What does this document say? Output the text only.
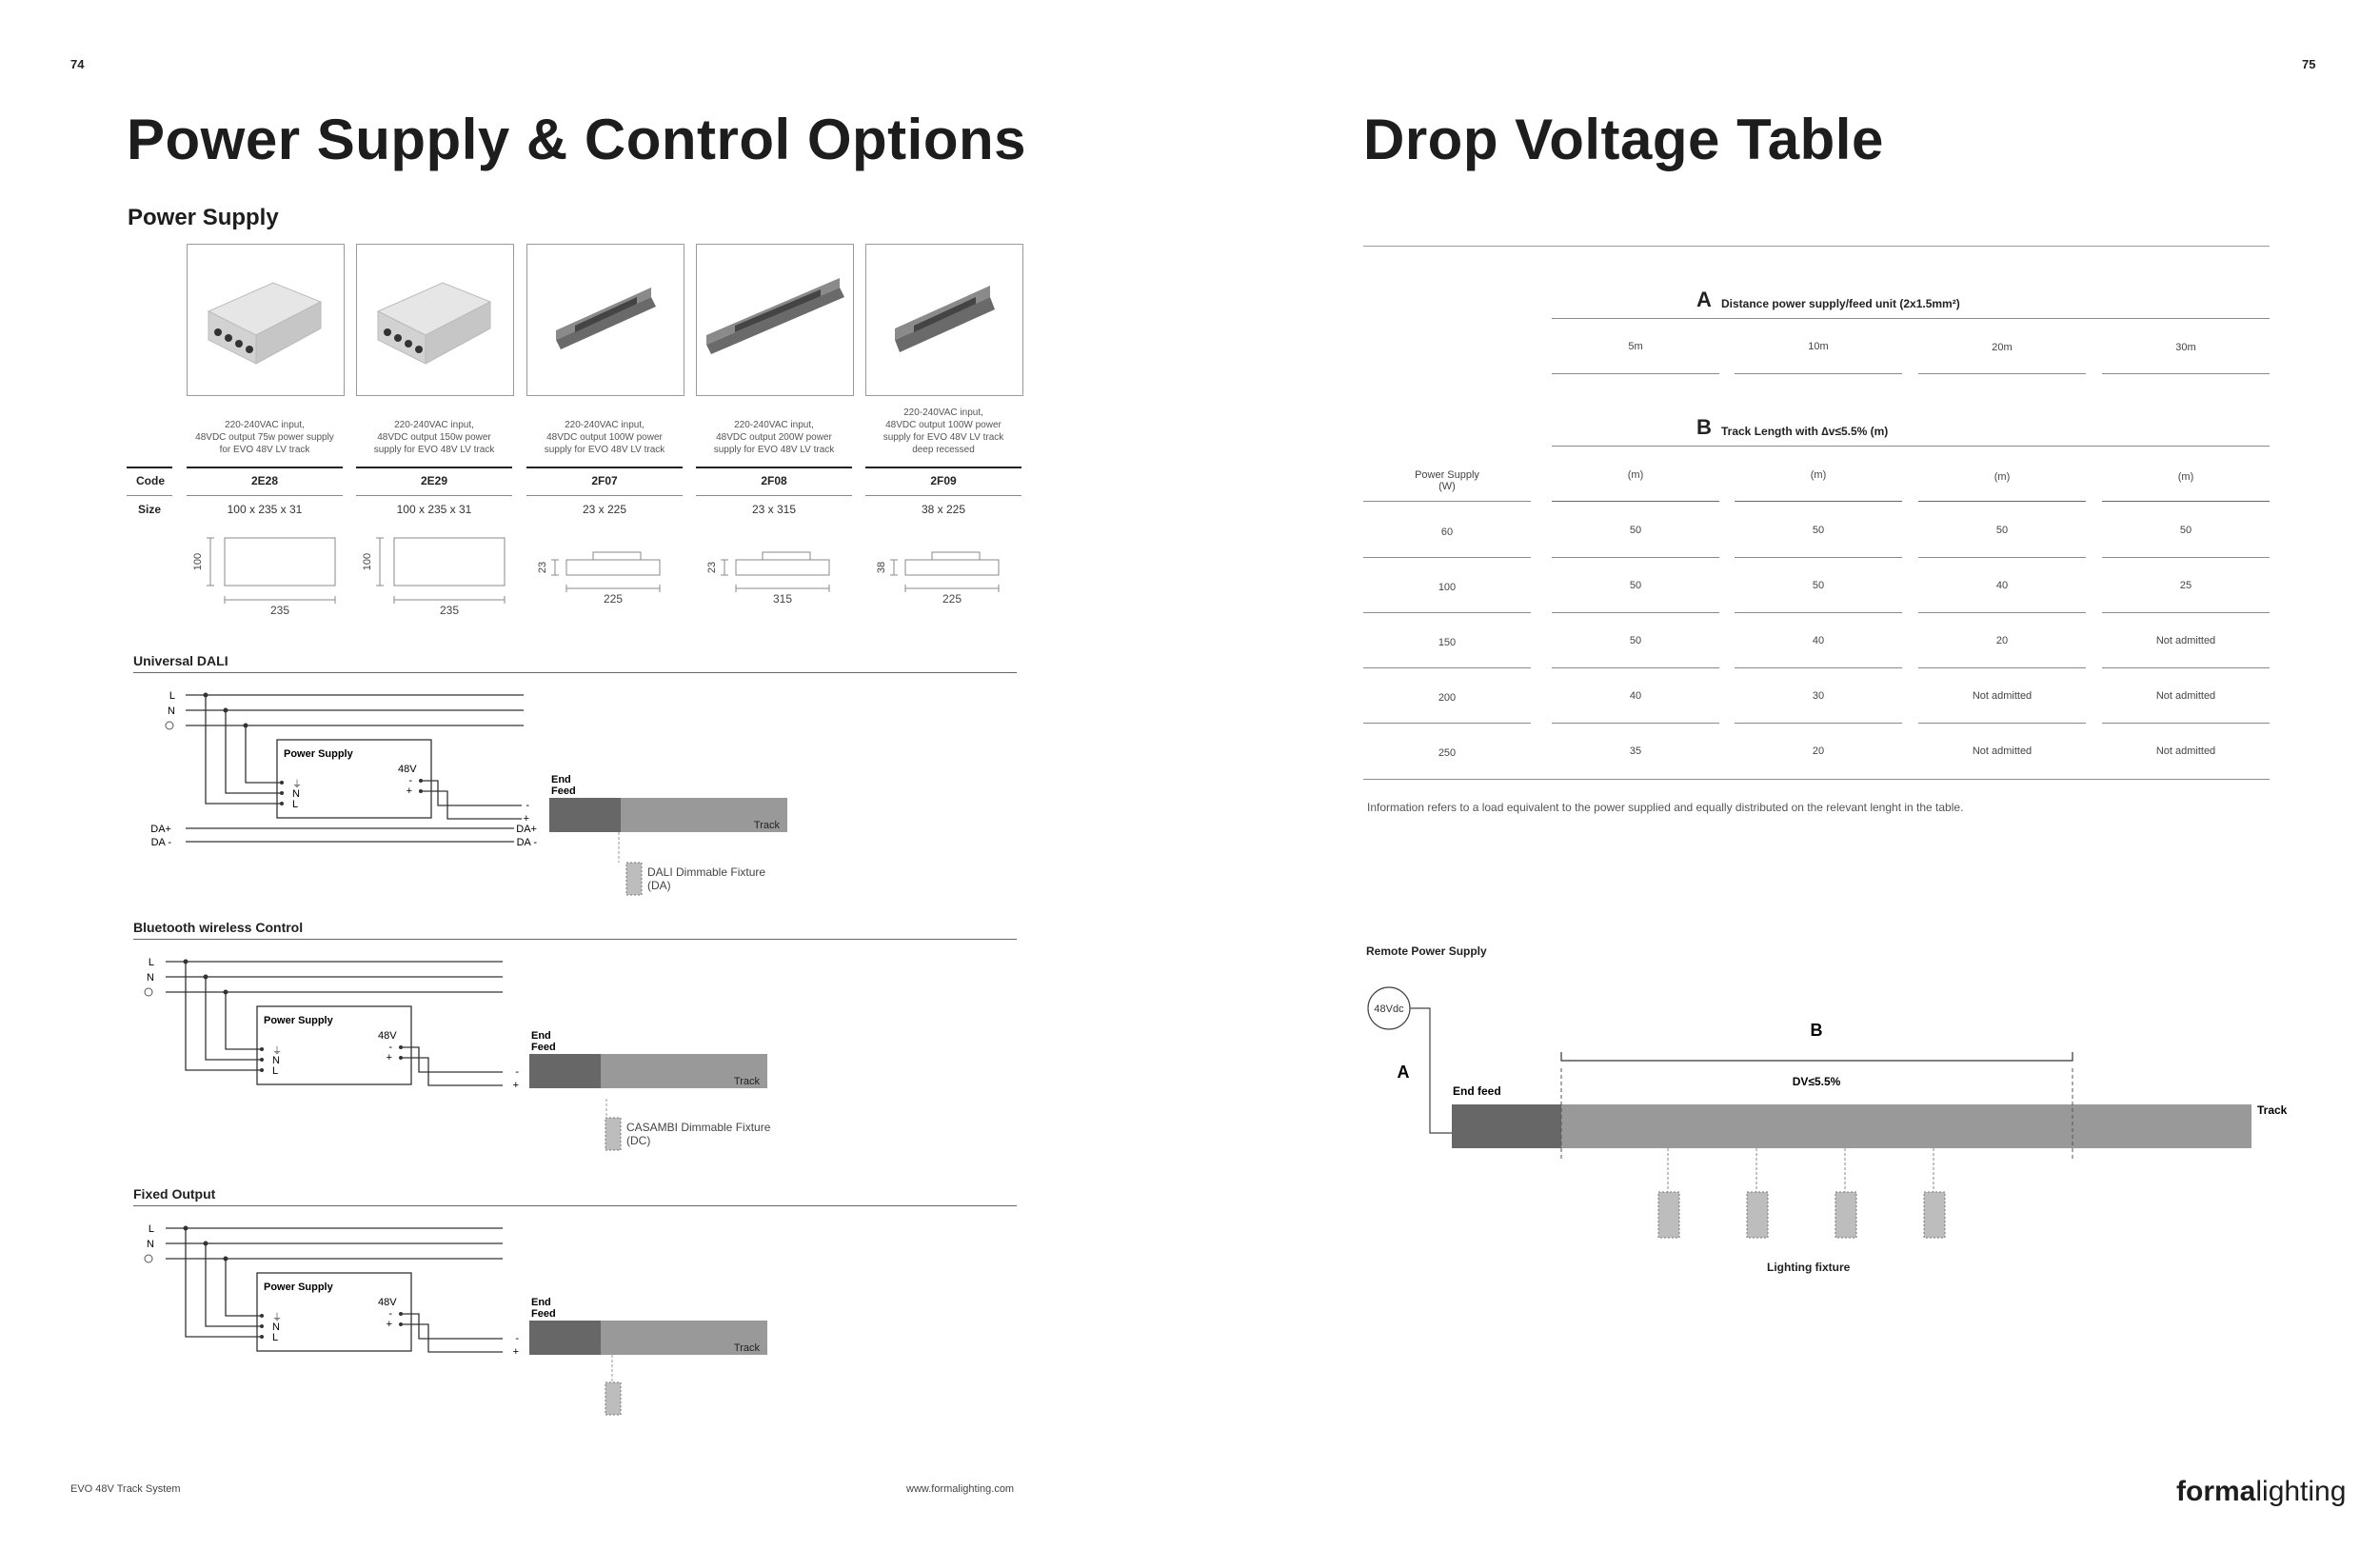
74
Power Supply & Control Options
Power Supply
220-240VAC input,
48VDC output 75w power supply
for EVO 48V LV track
220-240VAC input,
48VDC output 150w power
supply for EVO 48V LV track
220-240VAC input,
48VDC output 100W power
supply for EVO 48V LV track
220-240VAC input,
48VDC output 200W power
supply for EVO 48V LV track
220-240VAC input,
48VDC output 100W power
supply for EVO 48V LV track
deep recessed
Code	2E28	2E29	2F07	2F08	2F09
Size	100 x 235 x 31	100 x 235 x 31	23 x 225	23 x 315	38 x 225
100
235
100
235
23
225
23
315
38
225
Universal DALI
L
N
Power Supply
48V
-
+
⏚
N
L	-
+
End
Feed
Track
DA+
DA -
DA+
DA -
DALI Dimmable Fixture
(DA)
Bluetooth wireless Control
L
N
Power Supply
48V
-
+
⏚
N
L	-
+
End
Feed
Track
CASAMBI Dimmable Fixture
(DC)
Fixed Output
L
N
Power Supply
48V
-
+
⏚
N
L	-
+
End
Feed
Track
EVO 48V Track System	www.formalighting.com
75
Drop Voltage Table
A Distance power supply/feed unit (2x1.5mm²)
5m	10m	20m	30m
B Track Length with ∆v≤5.5% (m)
Power Supply
(W)
(m)	(m)	(m)	(m)
60	50	50	50	50
100	50	50	40	25
150	50	40	20	Not admitted
200	40	30	Not admitted	Not admitted
250	35	20	Not admitted	Not admitted
Information refers to a load equivalent to the power supplied and equally distributed on the relevant lenght in the table.
Remote Power Supply
48Vdc
A
End feed
Track
B
DV≤5.5%
Lighting fixture
formalighting
